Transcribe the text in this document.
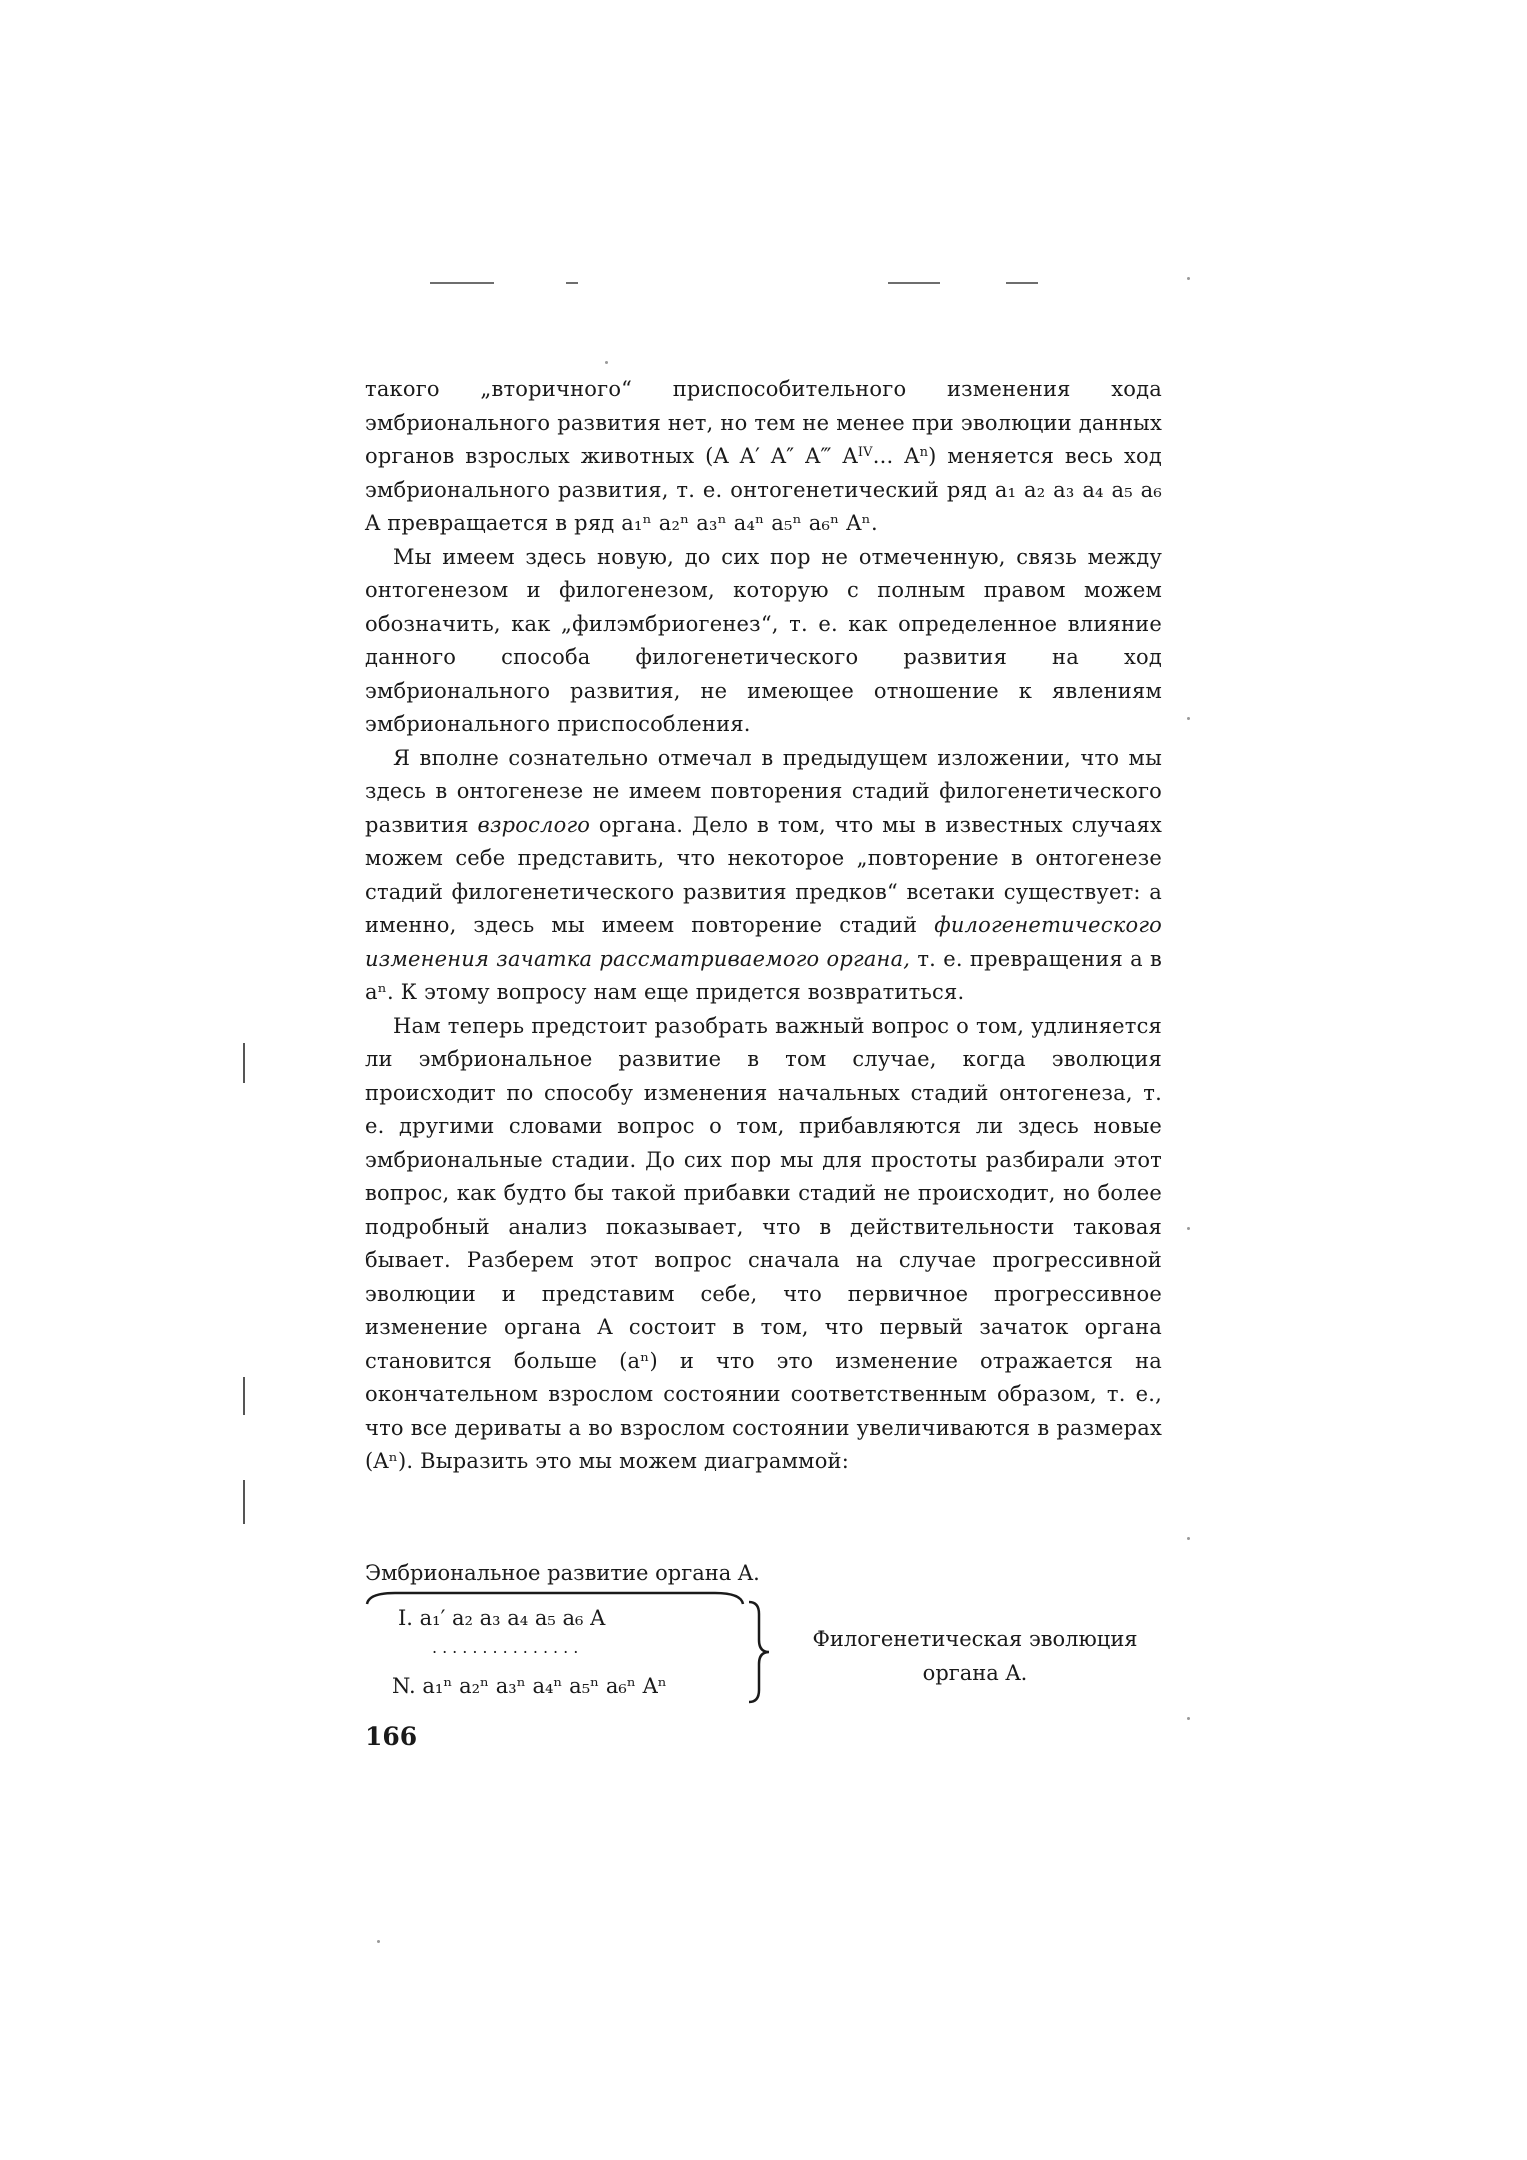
такого „вторичного“ приспособительного изменения хода эмбрионального развития нет, но тем не менее при эволюции данных органов взрослых животных (A A′ A″ A‴ $A^{IV}$... $A^n$) меняется весь ход эмбрионального развития, т. е. онтогенетический ряд a₁ a₂ a₃ a₄ a₅ a₆ A превращается в ряд a₁ⁿ a₂ⁿ a₃ⁿ a₄ⁿ a₅ⁿ a₆ⁿ Aⁿ.

Мы имеем здесь новую, до сих пор не отмеченную, связь между онтогенезом и филогенезом, которую с полным правом можем обозначить, как „филэмбриогенез“, т. е. как определенное влияние данного способа филогенетического развития на ход эмбрионального развития, не имеющее отношение к явлениям эмбрионального приспособления.

Я вполне сознательно отмечал в предыдущем изложении, что мы здесь в онтогенезе не имеем повторения стадий филогенетического развития взрослого органа. Дело в том, что мы в известных случаях можем себе представить, что некоторое „повторение в онтогенезе стадий филогенетического развития предков“ всетаки существует: а именно, здесь мы имеем повторение стадий филогенетического изменения зачатка рассматриваемого органа, т. е. превращения a в aⁿ. К этому вопросу нам еще придется возвратиться.

Нам теперь предстоит разобрать важный вопрос о том, удлиняется ли эмбриональное развитие в том случае, когда эволюция происходит по способу изменения начальных стадий онтогенеза, т. е. другими словами вопрос о том, прибавляются ли здесь новые эмбриональные стадии. До сих пор мы для простоты разбирали этот вопрос, как будто бы такой прибавки стадий не происходит, но более подробный анализ показывает, что в действительности таковая бывает. Разберем этот вопрос сначала на случае прогрессивной эволюции и представим себе, что первичное прогрессивное изменение органа A состоит в том, что первый зачаток органа становится больше (aⁿ) и что это изменение отражается на окончательном взрослом состоянии соответственным образом, т. е., что все дериваты a во взрослом состоянии увеличиваются в размерах (Aⁿ). Выразить это мы можем диаграммой:

Эмбриональное развитие органа A.
I. a₁′ a₂ a₃ a₄ a₅ a₆ A
...............
N. a₁ⁿ a₂ⁿ a₃ⁿ a₄ⁿ a₅ⁿ a₆ⁿ Aⁿ
Филогенетическая эволюция
органа A.
166
